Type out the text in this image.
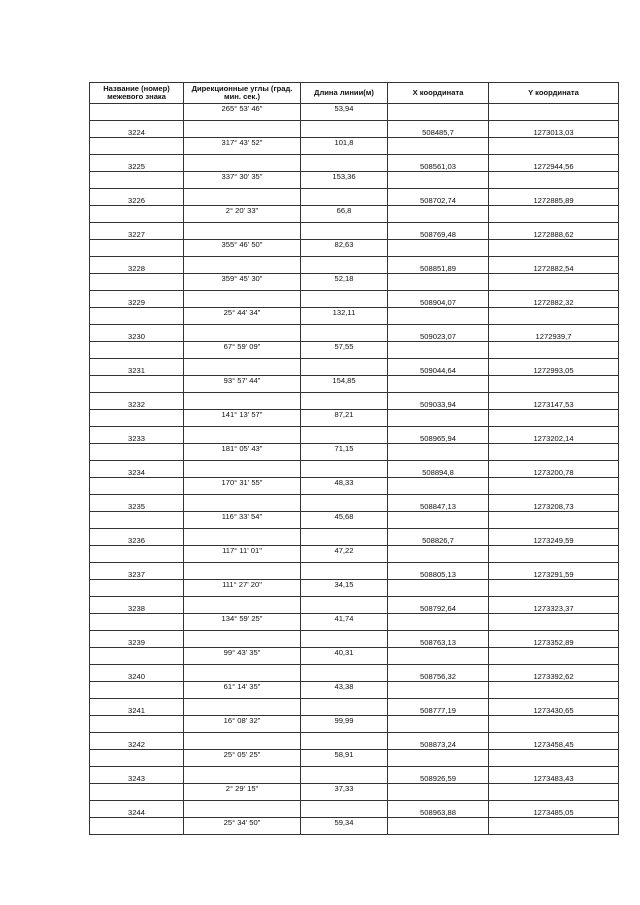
Название (номер) межевого знака	Дирекционные углы (град. мин. сек.)	Длина линии(м)	X координата	Y координата
	265° 53' 46"	53,94		
3224			508485,7	1273013,03
	317° 43' 52"	101,8		
3225			508561,03	1272944,56
	337° 30' 35"	153,36		
3226			508702,74	1272885,89
	2° 20' 33"	66,8		
3227			508769,48	1272888,62
	355° 46' 50"	82,63		
3228			508851,89	1272882,54
	359° 45' 30"	52,18		
3229			508904,07	1272882,32
	25° 44' 34"	132,11		
3230			509023,07	1272939,7
	67° 59' 09"	57,55		
3231			509044,64	1272993,05
	93° 57' 44"	154,85		
3232			509033,94	1273147,53
	141° 13' 57"	87,21		
3233			508965,94	1273202,14
	181° 05' 43"	71,15		
3234			508894,8	1273200,78
	170° 31' 55"	48,33		
3235			508847,13	1273208,73
	116° 33' 54"	45,68		
3236			508826,7	1273249,59
	117° 11' 01"	47,22		
3237			508805,13	1273291,59
	111° 27' 20"	34,15		
3238			508792,64	1273323,37
	134° 59' 25"	41,74		
3239			508763,13	1273352,89
	99° 43' 35"	40,31		
3240			508756,32	1273392,62
	61° 14' 35"	43,38		
3241			508777,19	1273430,65
	16° 08' 32"	99,99		
3242			508873,24	1273458,45
	25° 05' 25"	58,91		
3243			508926,59	1273483,43
	2° 29' 15"	37,33		
3244			508963,88	1273485,05
	25° 34' 50"	59,34		
